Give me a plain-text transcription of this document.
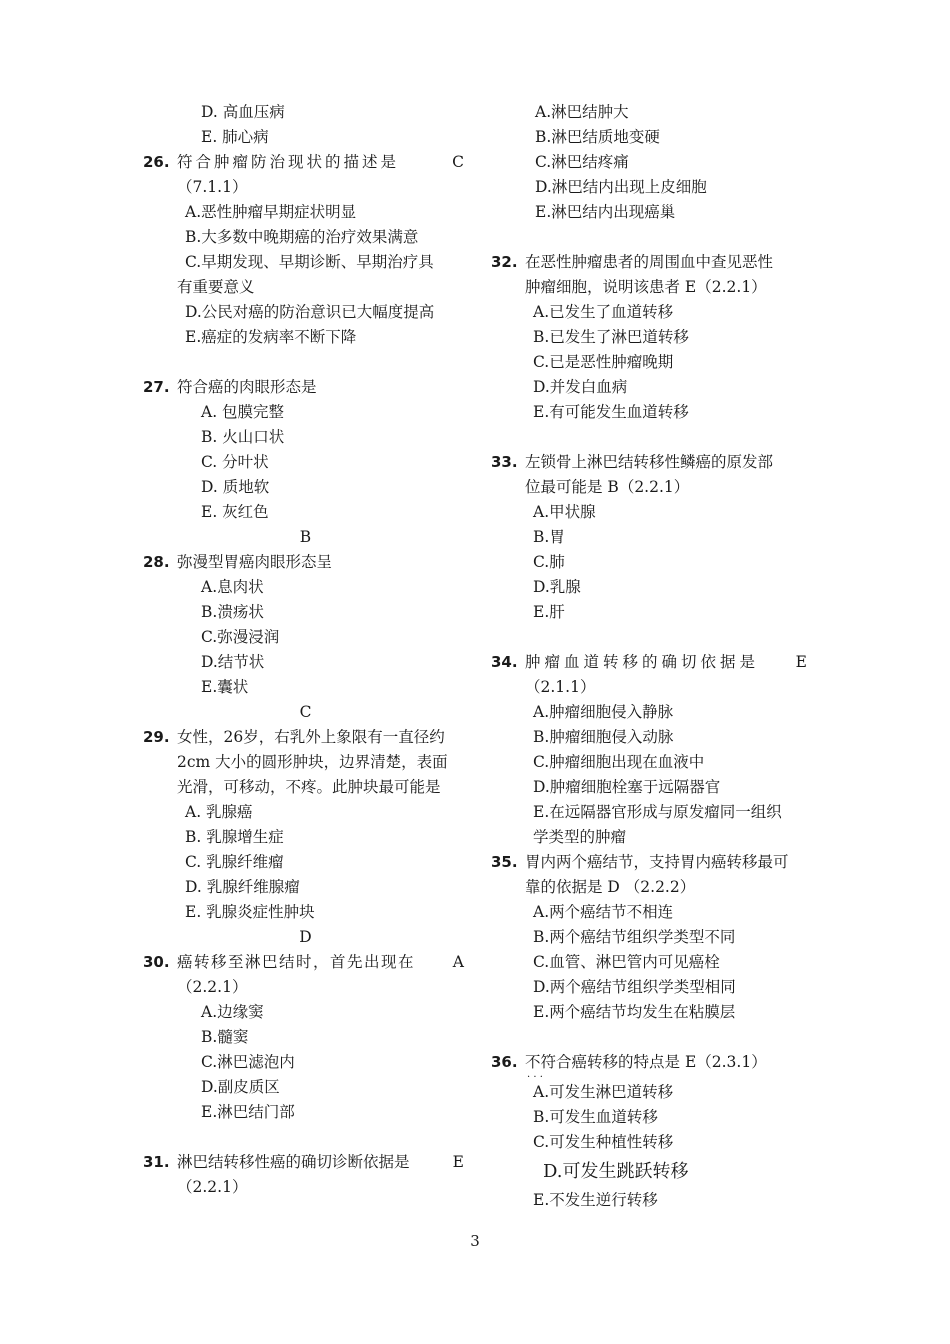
D. 高血压病
E. 肺心病
26. 符合肿瘤防治现状的描述是	C
（7.1.1）
A.恶性肿瘤早期症状明显
B.大多数中晚期癌的治疗效果满意
C.早期发现、早期诊断、早期治疗具
有重要意义
D.公民对癌的防治意识已大幅度提高
E.癌症的发病率不断下降
27. 符合癌的肉眼形态是
A. 包膜完整
B. 火山口状
C. 分叶状
D. 质地软
E. 灰红色
B
28. 弥漫型胃癌肉眼形态呈
A.息肉状
B.溃疡状
C.弥漫浸润
D.结节状
E.囊状
C
29. 女性，26岁，右乳外上象限有一直径约
2cm 大小的圆形肿块，边界清楚，表面
光滑，可移动，不疼。此肿块最可能是
A. 乳腺癌
B. 乳腺增生症
C. 乳腺纤维瘤
D. 乳腺纤维腺瘤
E. 乳腺炎症性肿块
D
30. 癌转移至淋巴结时，首先出现在 A
（2.2.1）
A.边缘窦
B.髓窦
C.淋巴滤泡内
D.副皮质区
E.淋巴结门部
31. 淋巴结转移性癌的确切诊断依据是	E
（2.2.1）
A.淋巴结肿大
B.淋巴结质地变硬
C.淋巴结疼痛
D.淋巴结内出现上皮细胞
E.淋巴结内出现癌巢
32. 在恶性肿瘤患者的周围血中查见恶性
肿瘤细胞，说明该患者 E（2.2.1）
A.已发生了血道转移
B.已发生了淋巴道转移
C.已是恶性肿瘤晚期
D.并发白血病
E.有可能发生血道转移
33. 左锁骨上淋巴结转移性鳞癌的原发部
位最可能是 B（2.2.1）
A.甲状腺
B.胃
C.肺
D.乳腺
E.肝
34. 肿瘤血道转移的确切依据是 E
（2.1.1）
A.肿瘤细胞侵入静脉
B.肿瘤细胞侵入动脉
C.肿瘤细胞出现在血液中
D.肿瘤细胞栓塞于远隔器官
E.在远隔器官形成与原发瘤同一组织
学类型的肿瘤
35. 胃内两个癌结节，支持胃内癌转移最可
靠的依据是 D （2.2.2）
A.两个癌结节不相连
B.两个癌结节组织学类型不同
C.血管、淋巴管内可见癌栓
D.两个癌结节组织学类型相同
E.两个癌结节均发生在粘膜层
36. 不符合 · · ·癌转移的特点是 E（2.3.1）
A.可发生淋巴道转移
B.可发生血道转移
C.可发生种植性转移
D.可发生跳跃转移
E.不发生逆行转移
3
